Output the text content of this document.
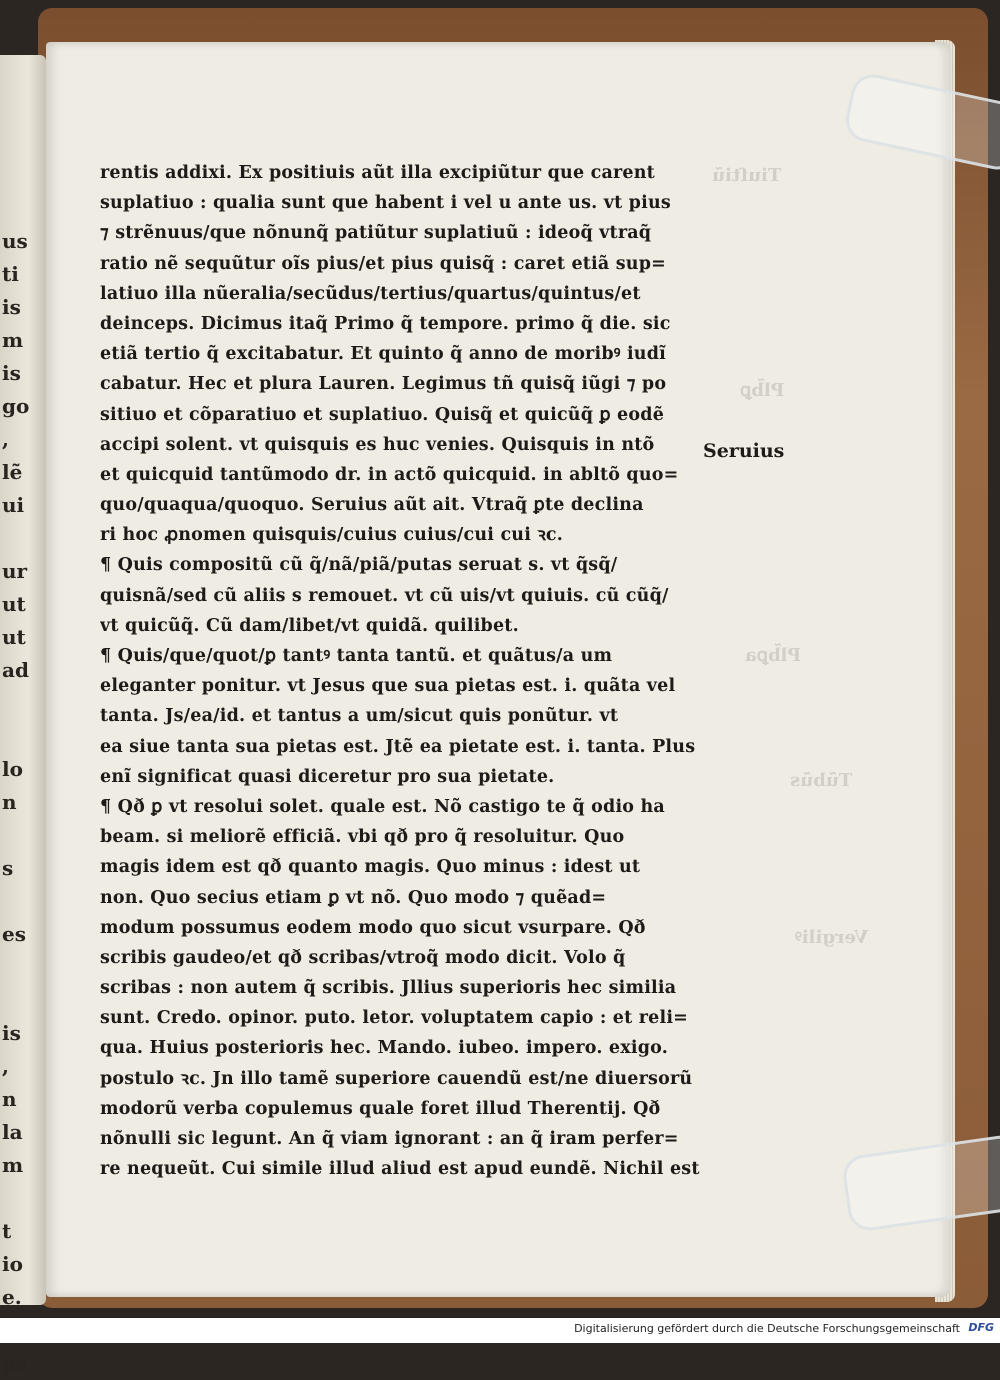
us
ti
is
m
is
go
,
lẽ
ui

ur
ut
ut
ad

lo
n

s

es

is
,
n
la
m

t
io
e.

ps
Tiuſtiũ
Plb̃ꝑ
Plb̃ꝑa
Tũbũs
Vergiliꝰ
rentis addixi. Ex positiuis aũt illa excipiũtur que carent
suplatiuo : qualia sunt que habent i vel u ante us. vt pius
⁊ strẽnuus/que nõnunq̃ patiũtur suplatiuũ : ideoq̃ vtraq̃
ratio nẽ sequũtur oĩs pius/et pius quisq̃ : caret etiã sup=
latiuo illa nũeralia/secũdus/tertius/quartus/quintus/et
deinceps. Dicimus itaq̃ Primo q̃ tempore. primo q̃ die. sic
etiã tertio q̃ excitabatur. Et quinto q̃ anno de moribꝰ iudĩ
cabatur. Hec et plura Lauren. Legimus tñ quisq̃ iũgi ⁊ po
sitiuo et cõparatiuo et suplatiuo. Quisq̃ et quicũq̃ ꝑ eodẽ
accipi solent. vt quisquis es huc venies. Quisquis in ntõ
et quicquid tantũmodo dr. in actõ quicquid. in abltõ quo=
quo/quaqua/quoquo. Seruius aũt ait. Vtraq̃ ꝑte declina
ri hoc ꝓnomen quisquis/cuius cuius/cui cui ꝛc.
¶ Quis compositũ cũ q̃/nã/piã/putas seruat s. vt q̃sq̃/
quisnã/sed cũ aliis s remouet. vt cũ uis/vt quiuis. cũ cũq̃/
vt quicũq̃. Cũ dam/libet/vt quidã. quilibet.
¶ Quis/que/quot/ꝑ tantꝰ tanta tantũ. et quãtus/a um
eleganter ponitur. vt Jesus que sua pietas est. i. quãta vel
tanta. Js/ea/id. et tantus a um/sicut quis ponũtur. vt
ea siue tanta sua pietas est. Jtẽ ea pietate est. i. tanta. Plus
enĩ significat quasi diceretur pro sua pietate.
¶ Qð ꝑ vt resolui solet. quale est. Nõ castigo te q̃ odio ha
beam. si meliorẽ efficiã. vbi qð pro q̃ resoluitur. Quo
magis idem est qð quanto magis. Quo minus : idest ut
non. Quo secius etiam ꝑ vt nõ. Quo modo ⁊ quẽad=
modum possumus eodem modo quo sicut vsurpare. Qð
scribis gaudeo/et qð scribas/vtroq̃ modo dicit. Volo q̃
scribas : non autem q̃ scribis. Jllius superioris hec similia
sunt. Credo. opinor. puto. letor. voluptatem capio : et reli=
qua. Huius posterioris hec. Mando. iubeo. impero. exigo.
postulo ꝛc. Jn illo tamẽ superiore cauendũ est/ne diuersorũ
modorũ verba copulemus quale foret illud Therentij. Qð
nõnulli sic legunt. An q̃ viam ignorant : an q̃ iram perfer=
re nequeũt. Cui simile illud aliud est apud eundẽ. Nichil est
Seruius
Digitalisierung gefördert durch die Deutsche Forschungsgemeinschaft DFG
